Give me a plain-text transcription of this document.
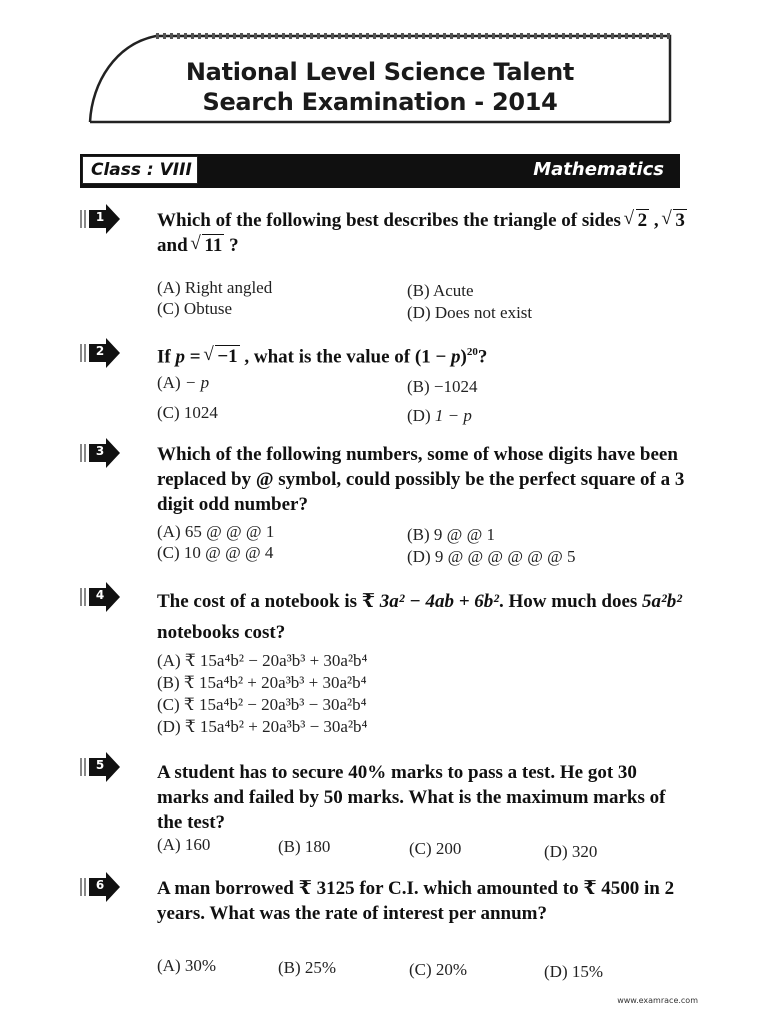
National Level Science Talent
Search Examination - 2014
Class : VIII	Mathematics
1	Which of the following best describes the triangle of sides √ 2 , √ 3 and √ 11 ?
(A) Right angled	(B) Acute
(C) Obtuse	(D) Does not exist
2	If p = √ −1 , what is the value of $(1 - p)^{20}$?
(A) − p	(B) −1024
(C) 1024	(D) 1 − p
3	Which of the following numbers, some of whose digits have been replaced by @ symbol, could possibly be the perfect square of a 3 digit odd number?
(A) 65 @ @ @ 1	(B) 9 @ @ 1
(C) 10 @ @ @ 4	(D) 9 @ @ @ @ @ @ 5
4	The cost of a notebook is ₹ 3a² − 4ab + 6b². How much does 5a²b² notebooks cost?
(A) ₹ 15a⁴b² − 20a³b³ + 30a²b⁴
(B) ₹ 15a⁴b² + 20a³b³ + 30a²b⁴
(C) ₹ 15a⁴b² − 20a³b³ − 30a²b⁴
(D) ₹ 15a⁴b² + 20a³b³ − 30a²b⁴
5	A student has to secure 40% marks to pass a test. He got 30 marks and failed by 50 marks. What is the maximum marks of the test?
(A) 160	(B) 180	(C) 200	(D) 320
6	A man borrowed ₹ 3125 for C.I. which amounted to ₹ 4500 in 2 years. What was the rate of interest per annum?
(A) 30%	(B) 25%	(C) 20%	(D) 15%
www.examrace.com
